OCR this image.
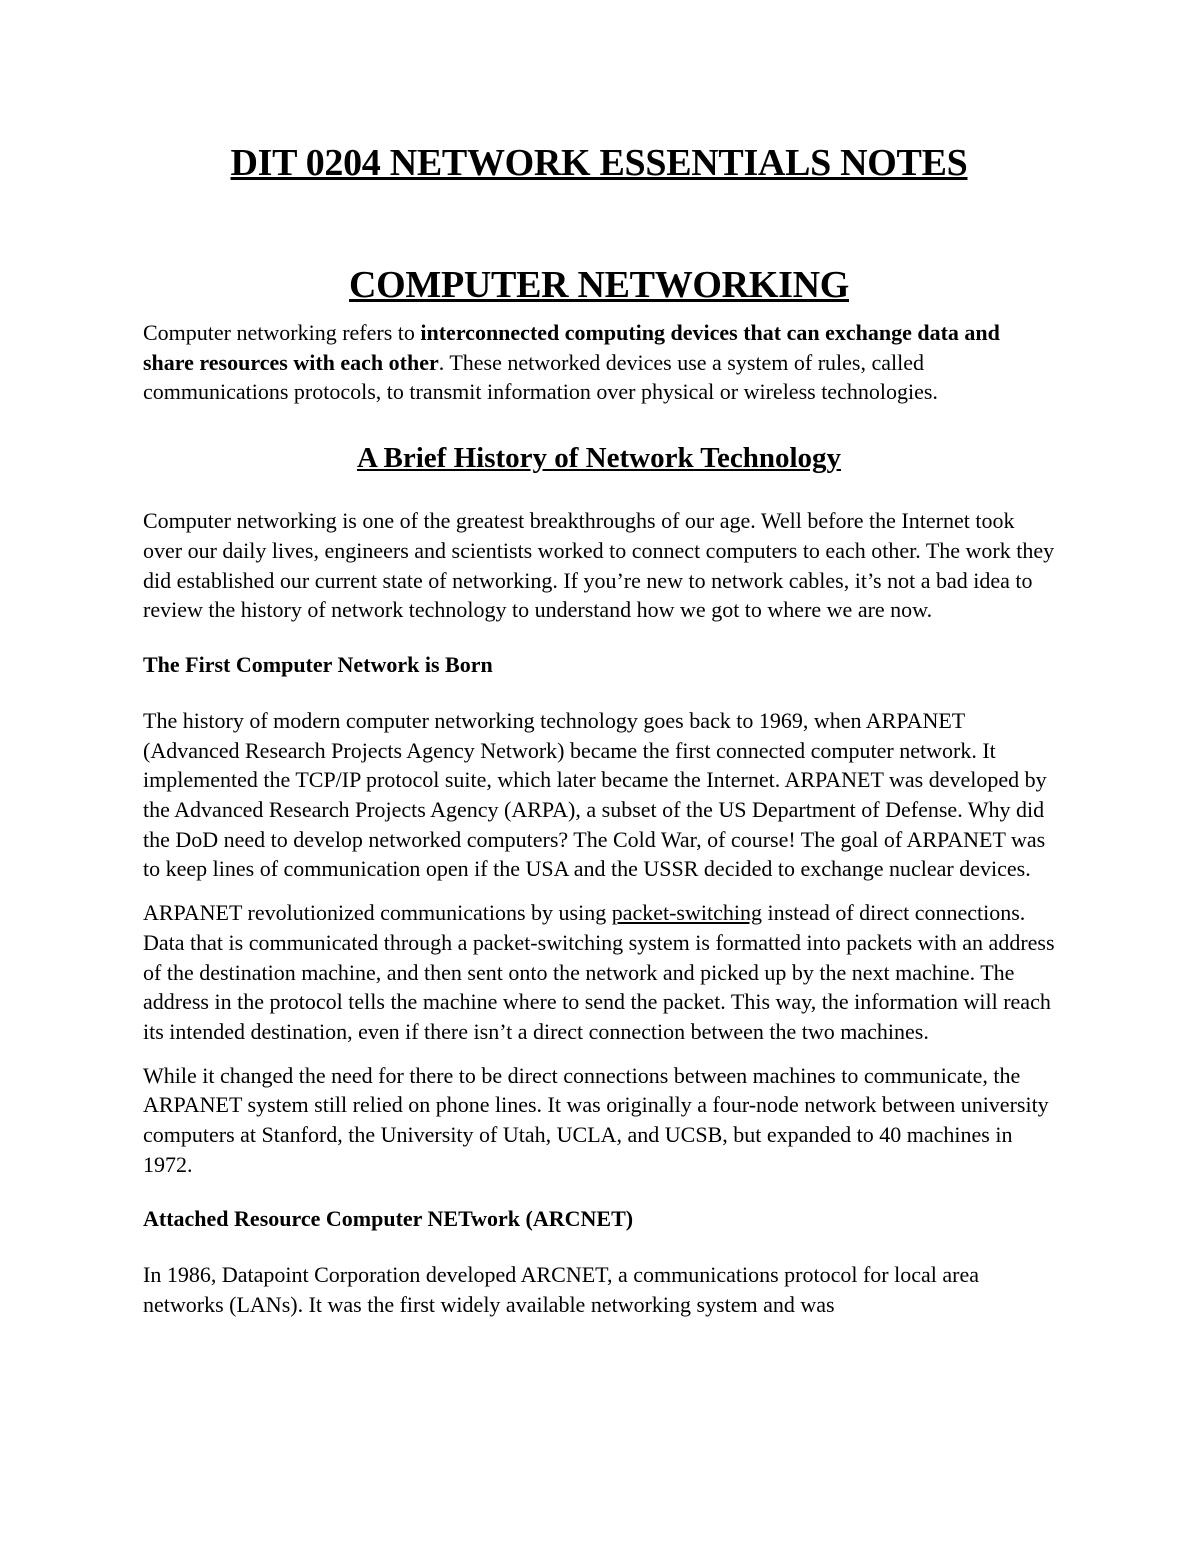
DIT 0204 NETWORK ESSENTIALS NOTES
COMPUTER NETWORKING

Computer networking refers to interconnected computing devices that can exchange data and share resources with each other. These networked devices use a system of rules, called communications protocols, to transmit information over physical or wireless technologies.

A Brief History of Network Technology

Computer networking is one of the greatest breakthroughs of our age. Well before the Internet took over our daily lives, engineers and scientists worked to connect computers to each other. The work they did established our current state of networking. If you’re new to network cables, it’s not a bad idea to review the history of network technology to understand how we got to where we are now.

The First Computer Network is Born

The history of modern computer networking technology goes back to 1969, when ARPANET (Advanced Research Projects Agency Network) became the first connected computer network. It implemented the TCP/IP protocol suite, which later became the Internet. ARPANET was developed by the Advanced Research Projects Agency (ARPA), a subset of the US Department of Defense. Why did the DoD need to develop networked computers? The Cold War, of course! The goal of ARPANET was to keep lines of communication open if the USA and the USSR decided to exchange nuclear devices.

ARPANET revolutionized communications by using packet-switching instead of direct connections. Data that is communicated through a packet-switching system is formatted into packets with an address of the destination machine, and then sent onto the network and picked up by the next machine. The address in the protocol tells the machine where to send the packet. This way, the information will reach its intended destination, even if there isn’t a direct connection between the two machines.

While it changed the need for there to be direct connections between machines to communicate, the ARPANET system still relied on phone lines. It was originally a four-node network between university computers at Stanford, the University of Utah, UCLA, and UCSB, but expanded to 40 machines in 1972.

Attached Resource Computer NETwork (ARCNET)

In 1986, Datapoint Corporation developed ARCNET, a communications protocol for local area networks (LANs). It was the first widely available networking system and was
